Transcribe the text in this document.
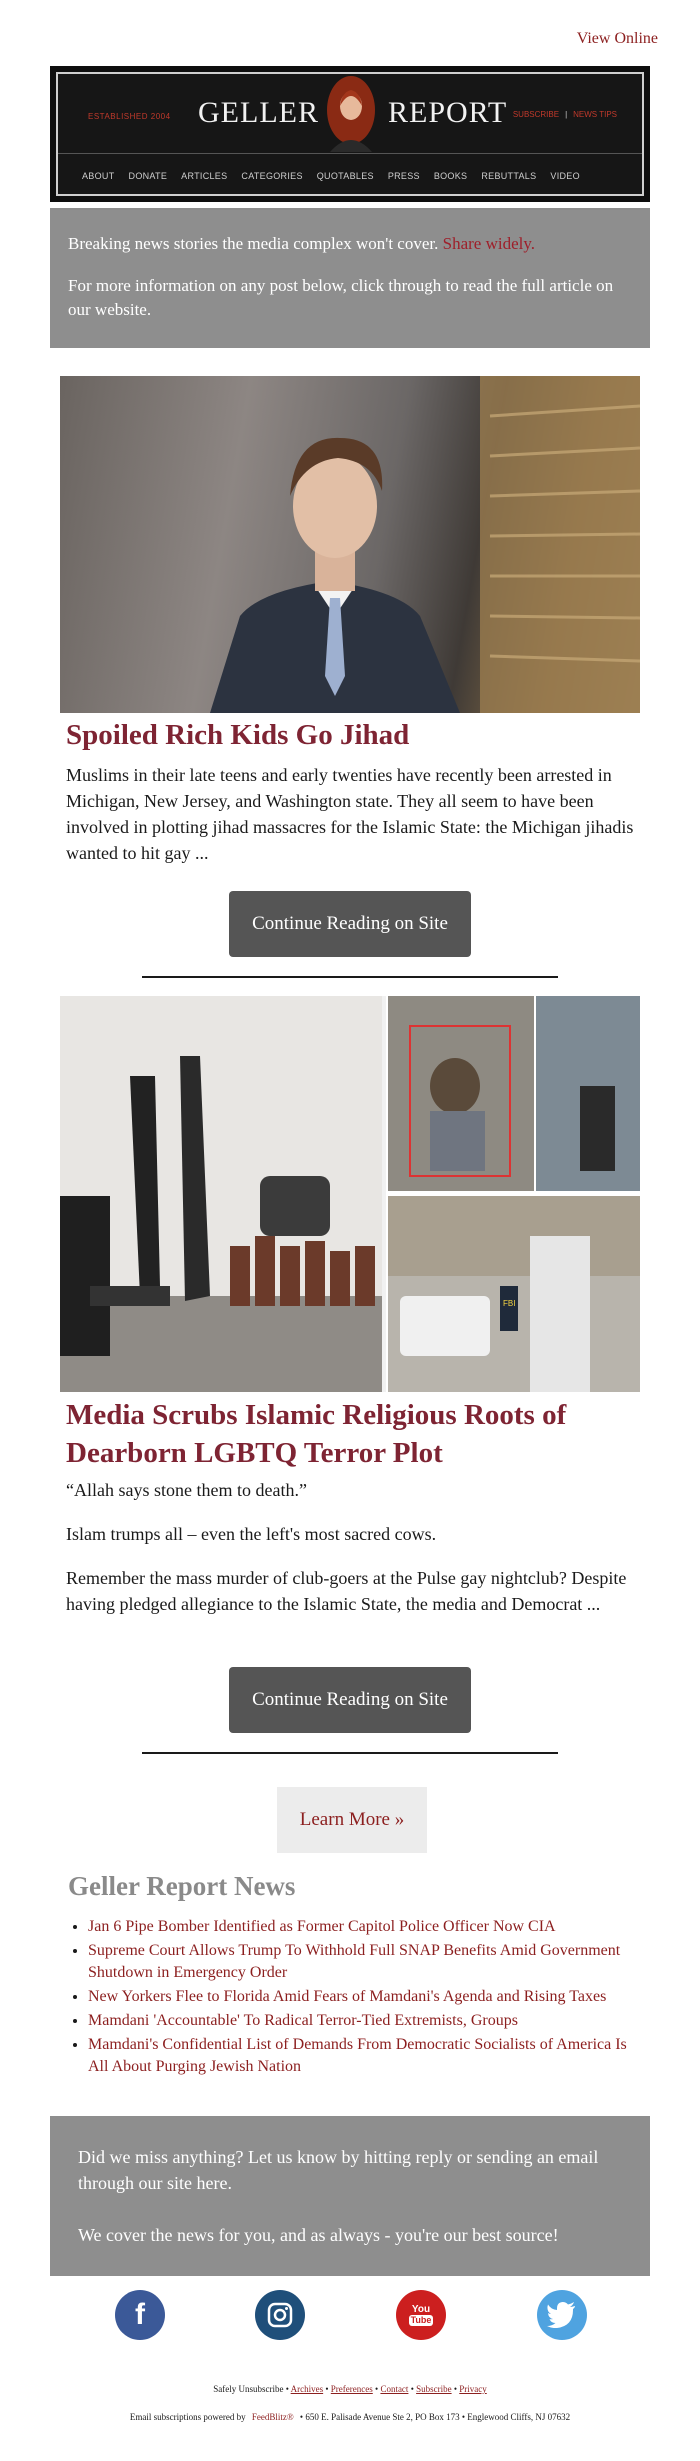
View Online
ESTABLISHED 2004 GELLER REPORT SUBSCRIBE | NEWS TIPS
ABOUT DONATE ARTICLES CATEGORIES QUOTABLES PRESS BOOKS REBUTTALS VIDEO

Breaking news stories the media complex won't cover. Share widely.

For more information on any post below, click through to read the full article on our website.

Spoiled Rich Kids Go Jihad

Muslims in their late teens and early twenties have recently been arrested in Michigan, New Jersey, and Washington state. They all seem to have been involved in plotting jihad massacres for the Islamic State: the Michigan jihadis wanted to hit gay ...

Continue Reading on Site
FBI
Media Scrubs Islamic Religious Roots of Dearborn LGBTQ Terror Plot

“Allah says stone them to death.”

Islam trumps all – even the left's most sacred cows.

Remember the mass murder of club-goers at the Pulse gay nightclub? Despite having pledged allegiance to the Islamic State, the media and Democrat ...

Continue Reading on Site
Learn More »
Geller Report News
• Jan 6 Pipe Bomber Identified as Former Capitol Police Officer Now CIA
• Supreme Court Allows Trump To Withhold Full SNAP Benefits Amid Government Shutdown in Emergency Order
• New Yorkers Flee to Florida Amid Fears of Mamdani's Agenda and Rising Taxes
• Mamdani 'Accountable' To Radical Terror-Tied Extremists, Groups
• Mamdani's Confidential List of Demands From Democratic Socialists of America Is All About Purging Jewish Nation

Did we miss anything? Let us know by hitting reply or sending an email through our site here.

We cover the news for you, and as always - you're our best source!

f	You
Tube
Safely Unsubscribe • Archives • Preferences • Contact • Subscribe • Privacy
Email subscriptions powered by FeedBlitz® • 650 E. Palisade Avenue Ste 2, PO Box 173 • Englewood Cliffs, NJ 07632
